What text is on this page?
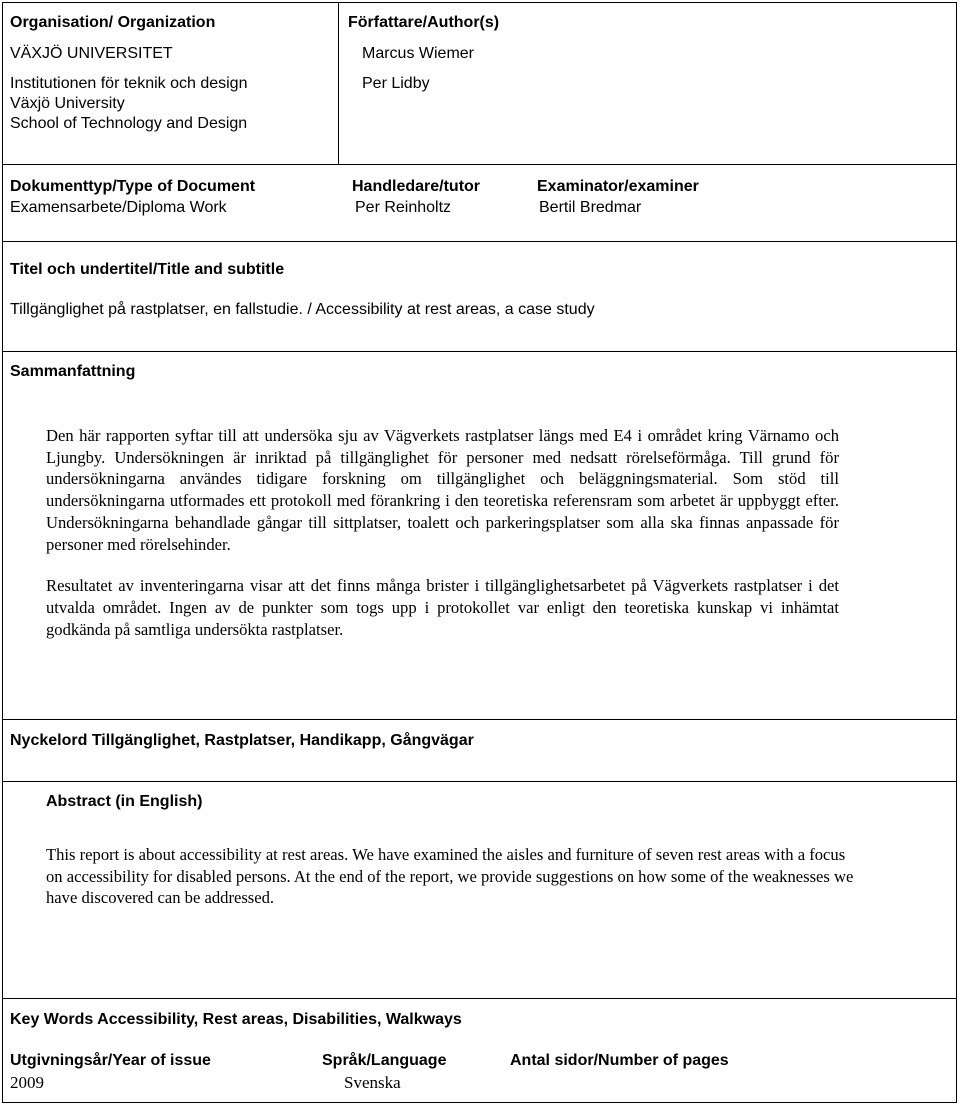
Organisation/ Organization
VÄXJÖ UNIVERSITET
Institutionen för teknik och design
Växjö University
School of Technology and Design
Författare/Author(s)
Marcus Wiemer
Per Lidby
Dokumenttyp/Type of Document
Examensarbete/Diploma Work
Handledare/tutor
Per Reinholtz
Examinator/examiner
Bertil Bredmar
Titel och undertitel/Title and subtitle
Tillgänglighet på rastplatser, en fallstudie. / Accessibility at rest areas, a case study
Sammanfattning

Den här rapporten syftar till att undersöka sju av Vägverkets rastplatser längs med E4 i området kring Värnamo och Ljungby. Undersökningen är inriktad på tillgänglighet för personer med nedsatt rörelseförmåga. Till grund för undersökningarna användes tidigare forskning om tillgänglighet och beläggningsmaterial. Som stöd till undersökningarna utformades ett protokoll med förankring i den teoretiska referensram som arbetet är uppbyggt efter. Undersökningarna behandlade gångar till sittplatser, toalett och parkeringsplatser som alla ska finnas anpassade för personer med rörelsehinder.

Resultatet av inventeringarna visar att det finns många brister i tillgänglighetsarbetet på Vägverkets rastplatser i det utvalda området. Ingen av de punkter som togs upp i protokollet var enligt den teoretiska kunskap vi inhämtat godkända på samtliga undersökta rastplatser.

Nyckelord Tillgänglighet, Rastplatser, Handikapp, Gångvägar
Abstract (in English)
This report is about accessibility at rest areas. We have examined the aisles and furniture of seven rest areas with a focus
on accessibility for disabled persons. At the end of the report, we provide suggestions on how some of the weaknesses we
have discovered can be addressed.
Key Words Accessibility, Rest areas, Disabilities, Walkways
Utgivningsår/Year of issue
2009
Språk/Language
Svenska
Antal sidor/Number of pages
